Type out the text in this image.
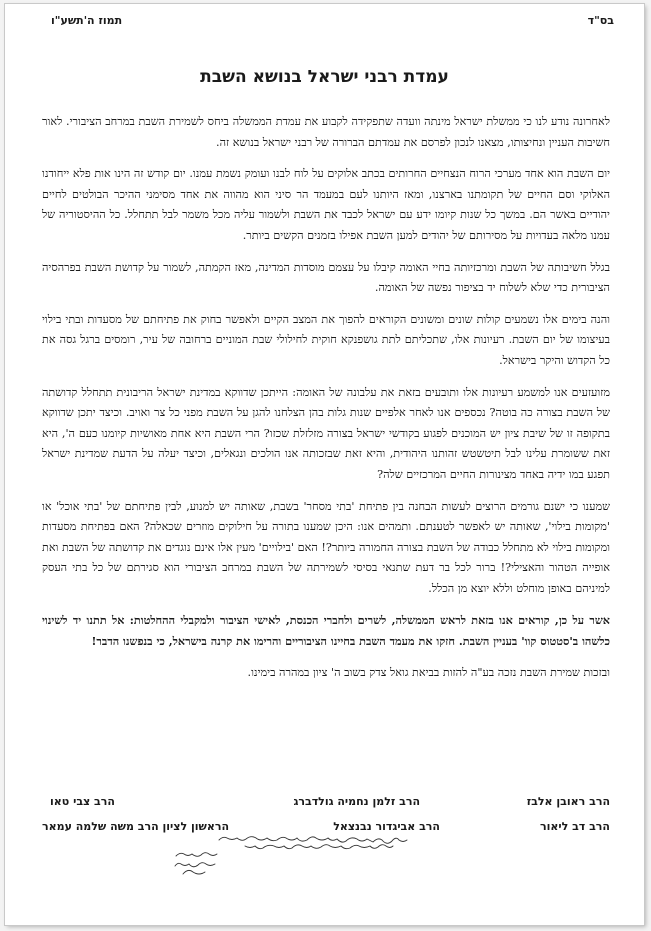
בס"ד
תמוז ה'תשע"ו
עמדת רבני ישראל בנושא השבת

לאחרונה נודע לנו כי ממשלת ישראל מינתה וועדה שתפקידה לקבוע את עמדת הממשלה ביחס לשמירת השבת במרחב הציבורי. לאור חשיבות העניין ונחיצותו, מצאנו לנכון לפרסם את עמדתם הברורה של רבני ישראל בנושא זה.

יום השבת הוא אחד מערכי הרוח הנצחיים החרותים בכתב אלוקים על לוח לבנו ועומק נשמת עמנו. יום קודש זה הינו אות פלא ייחודנו האלוקי וסם החיים של תקומתנו בארצנו, ומאז היותנו לעם במעמד הר סיני הוא מהווה את אחד מסימני ההיכר הבולטים לחיים יהודיים באשר הם. במשך כל שנות קיומו ידע עם ישראל לכבד את השבת ולשמור עליה מכל משמר לבל תתחלל. כל ההיסטוריה של עמנו מלאה בעדויות על מסירותם של יהודים למען השבת אפילו בזמנים הקשים ביותר.

בגלל חשיבותה של השבת ומרכזיותה בחיי האומה קיבלו על עצמם מוסדות המדינה, מאז הקמתה, לשמור על קדושת השבת בפרהסיה הציבורית כדי שלא לשלוח יד בציפור נפשה של האומה.

והנה בימים אלו נשמעים קולות שונים ומשונים הקוראים להפוך את המצב הקיים ולאפשר בחוק את פתיחתם של מסעדות ובתי בילוי בעיצומו של יום השבת. רעיונות אלו, שתכליתם לתת גושפנקא חוקית לחילולי שבת המוניים ברחובה של עיר, רומסים ברגל גסה את כל הקדוש והיקר בישראל.

מזועזעים אנו למשמע רעיונות אלו ותובעים בזאת את עלבונה של האומה: הייתכן שדווקא במדינת ישראל הריבונית תתחלל קדושתה של השבת בצורה כה בוטה? נכספים אנו לאחר אלפיים שנות גלות בהן הצלחנו להגן על השבת מפני כל צר ואויב. וכיצד יתכן שדווקא בתקופה זו של שיבת ציון יש המוכנים לפגוע בקודשי ישראל בצורה מזלזלת שכזו? הרי השבת היא אחת מאושיות קיומנו כעם ה', היא זאת ששומרת עלינו לבל תיטשטש זהותנו היהודית, והיא זאת שבזכותה אנו הולכים ונגאלים, וכיצד יעלה על הדעת שמדינת ישראל תפגע במו ידיה באחד מצינורות החיים המרכזיים שלה?

שמענו כי ישנם גורמים הרוצים לעשות הבחנה בין פתיחת 'בתי מסחר' בשבת, שאותה יש למנוע, לבין פתיחתם של 'בתי אוכל' או 'מקומות בילוי', שאותה יש לאפשר לטענתם. ותמהים אנו: היכן שמענו בתורה על חילוקים מוזרים שכאלה? האם בפתיחת מסעדות ומקומות בילוי לא מתחלל כבודה של השבת בצורה החמורה ביותר?! האם 'בילויים' מעין אלו אינם נוגדים את קדושתה של השבת ואת אופייה הטהור והאצילי?! ברור לכל בר דעת שתנאי בסיסי לשמירתה של השבת במרחב הציבורי הוא סגירתם של כל בתי העסק למיניהם באופן מוחלט וללא יוצא מן הכלל.

אשר על כן, קוראים אנו בזאת לראש הממשלה, לשרים ולחברי הכנסת, לאישי הציבור ולמקבלי ההחלטות: אל תתנו יד לשינוי כלשהו ב'סטטוס קוו' בעניין השבת. חזקו את מעמד השבת בחיינו הציבוריים והרימו את קרנה בישראל, כי בנפשנו הדבר!

ובזכות שמירת השבת נזכה בע"ה להזות בביאת גואל צדק בשוב ה' ציון במהרה בימינו.

הרב ראובן אלבז
הרב זלמן נחמיה גולדברג
הרב צבי טאו
הרב דב ליאור
הרב אביגדור נבנצאל
הראשון לציון הרב משה שלמה עמאר
